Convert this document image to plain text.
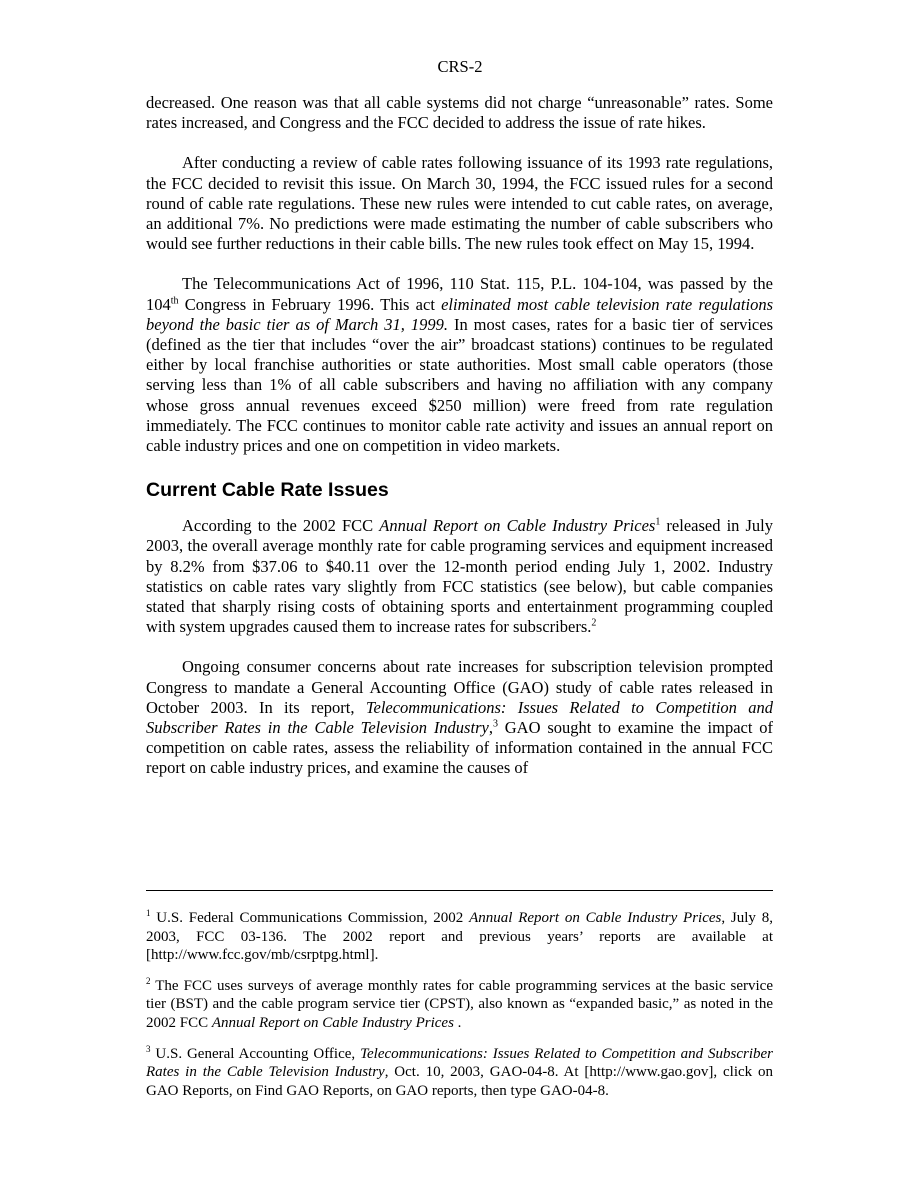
CRS-2

decreased. One reason was that all cable systems did not charge “unreasonable” rates. Some rates increased, and Congress and the FCC decided to address the issue of rate hikes.

After conducting a review of cable rates following issuance of its 1993 rate regulations, the FCC decided to revisit this issue. On March 30, 1994, the FCC issued rules for a second round of cable rate regulations. These new rules were intended to cut cable rates, on average, an additional 7%. No predictions were made estimating the number of cable subscribers who would see further reductions in their cable bills. The new rules took effect on May 15, 1994.

The Telecommunications Act of 1996, 110 Stat. 115, P.L. 104-104, was passed by the 104th Congress in February 1996. This act eliminated most cable television rate regulations beyond the basic tier as of March 31, 1999. In most cases, rates for a basic tier of services (defined as the tier that includes “over the air” broadcast stations) continues to be regulated either by local franchise authorities or state authorities. Most small cable operators (those serving less than 1% of all cable subscribers and having no affiliation with any company whose gross annual revenues exceed $250 million) were freed from rate regulation immediately. The FCC continues to monitor cable rate activity and issues an annual report on cable industry prices and one on competition in video markets.

Current Cable Rate Issues

According to the 2002 FCC Annual Report on Cable Industry Prices$^1$ released in July 2003, the overall average monthly rate for cable programing services and equipment increased by 8.2% from $37.06 to $40.11 over the 12-month period ending July 1, 2002. Industry statistics on cable rates vary slightly from FCC statistics (see below), but cable companies stated that sharply rising costs of obtaining sports and entertainment programming coupled with system upgrades caused them to increase rates for subscribers.$^2$

Ongoing consumer concerns about rate increases for subscription television prompted Congress to mandate a General Accounting Office (GAO) study of cable rates released in October 2003. In its report, Telecommunications: Issues Related to Competition and Subscriber Rates in the Cable Television Industry,$^3$ GAO sought to examine the impact of competition on cable rates, assess the reliability of information contained in the annual FCC report on cable industry prices, and examine the causes of

$^1$ U.S. Federal Communications Commission, 2002 Annual Report on Cable Industry Prices, July 8, 2003, FCC 03-136. The 2002 report and previous years’ reports are available at [http://www.fcc.gov/mb/csrptpg.html].

$^2$ The FCC uses surveys of average monthly rates for cable programming services at the basic service tier (BST) and the cable program service tier (CPST), also known as “expanded basic,” as noted in the 2002 FCC Annual Report on Cable Industry Prices .

$^3$ U.S. General Accounting Office, Telecommunications: Issues Related to Competition and Subscriber Rates in the Cable Television Industry, Oct. 10, 2003, GAO-04-8. At [http://www.gao.gov], click on GAO Reports, on Find GAO Reports, on GAO reports, then type GAO-04-8.
